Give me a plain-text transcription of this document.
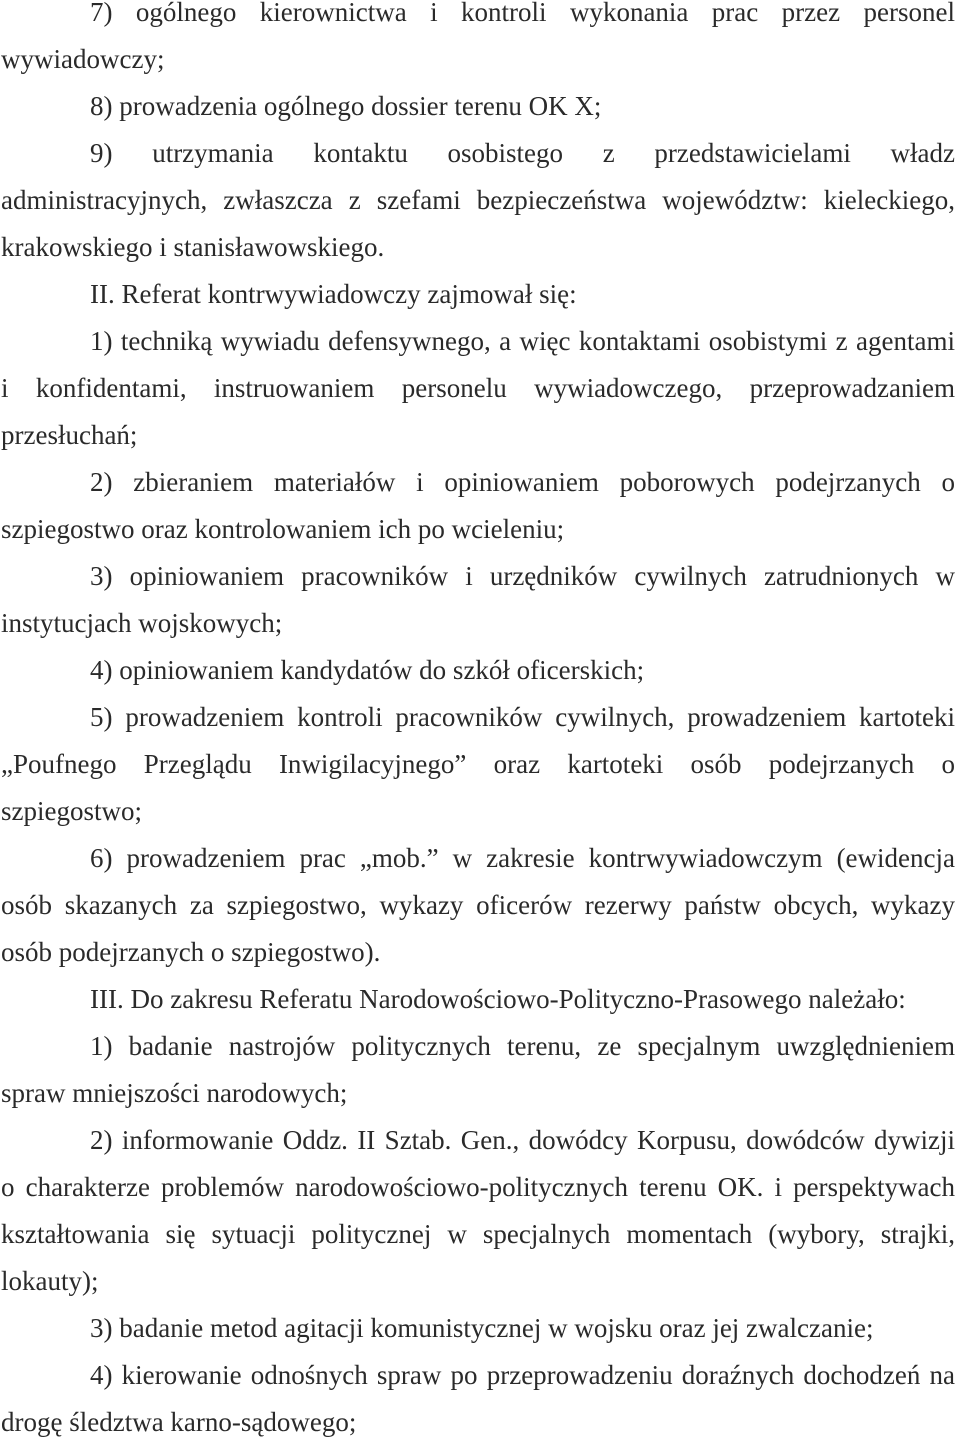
7) ogólnego kierownictwa i kontroli wykonania prac przez personel
wywiadowczy;
8) prowadzenia ogólnego dossier terenu OK X;
9) utrzymania kontaktu osobistego z przedstawicielami władz
administracyjnych, zwłaszcza z szefami bezpieczeństwa województw: kieleckiego,
krakowskiego i stanisławowskiego.
II. Referat kontrwywiadowczy zajmował się:
1) techniką wywiadu defensywnego, a więc kontaktami osobistymi z agentami
i konfidentami, instruowaniem personelu wywiadowczego, przeprowadzaniem
przesłuchań;
2) zbieraniem materiałów i opiniowaniem poborowych podejrzanych o
szpiegostwo oraz kontrolowaniem ich po wcieleniu;
3) opiniowaniem pracowników i urzędników cywilnych zatrudnionych w
instytucjach wojskowych;
4) opiniowaniem kandydatów do szkół oficerskich;
5) prowadzeniem kontroli pracowników cywilnych, prowadzeniem kartoteki
„Poufnego Przeglądu Inwigilacyjnego” oraz kartoteki osób podejrzanych o
szpiegostwo;
6) prowadzeniem prac „mob.” w zakresie kontrwywiadowczym (ewidencja
osób skazanych za szpiegostwo, wykazy oficerów rezerwy państw obcych, wykazy
osób podejrzanych o szpiegostwo).
III. Do zakresu Referatu Narodowościowo-Polityczno-Prasowego należało:
1) badanie nastrojów politycznych terenu, ze specjalnym uwzględnieniem
spraw mniejszości narodowych;
2) informowanie Oddz. II Sztab. Gen., dowódcy Korpusu, dowódców dywizji
o charakterze problemów narodowościowo-politycznych terenu OK. i perspektywach
kształtowania się sytuacji politycznej w specjalnych momentach (wybory, strajki,
lokauty);
3) badanie metod agitacji komunistycznej w wojsku oraz jej zwalczanie;
4) kierowanie odnośnych spraw po przeprowadzeniu doraźnych dochodzeń na
drogę śledztwa karno-sądowego;
